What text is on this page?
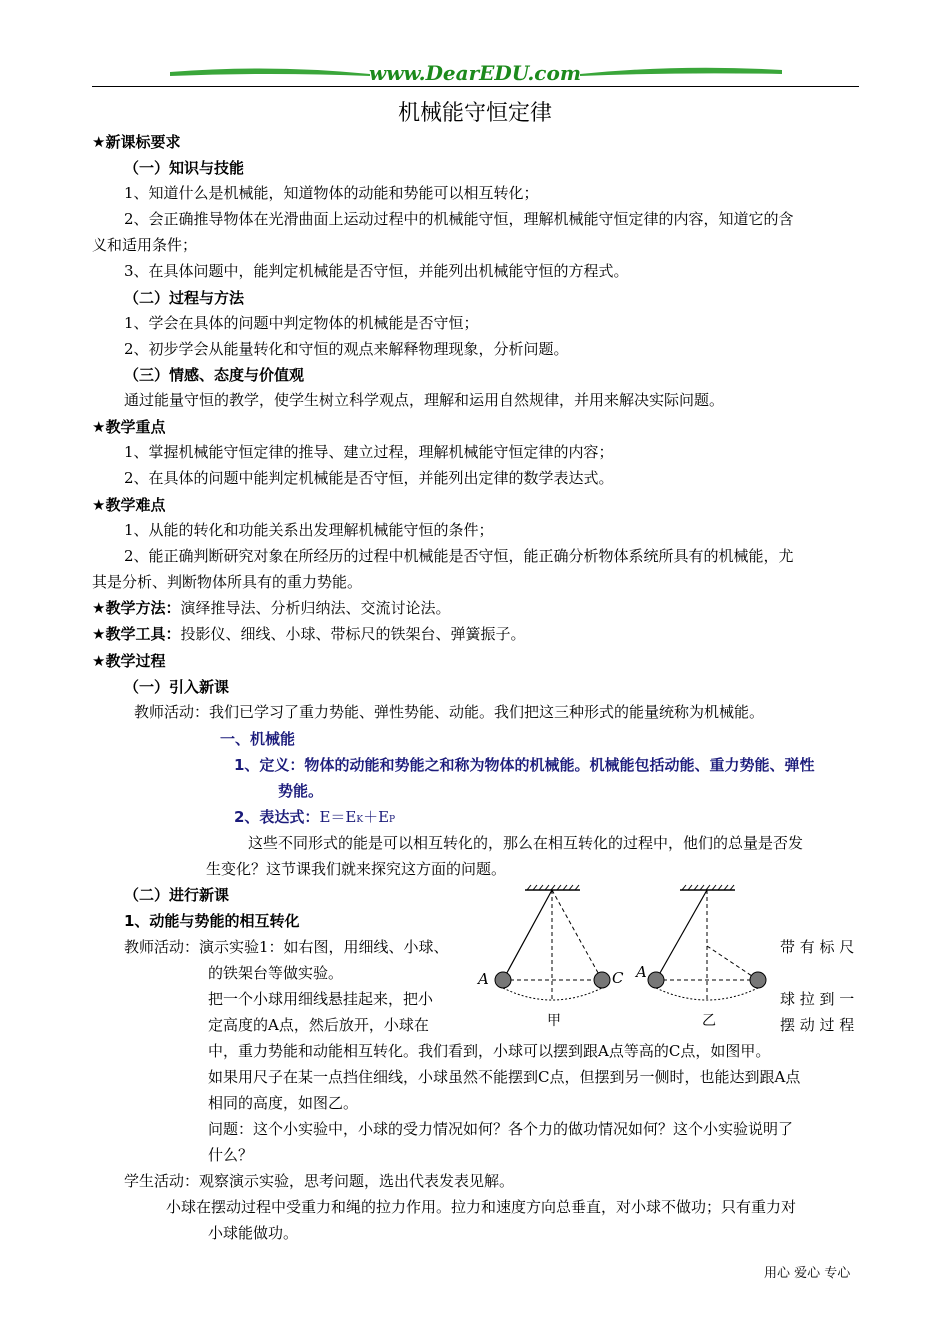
www.DearEDU.com
机械能守恒定律
★新课标要求
（一）知识与技能
1、知道什么是机械能，知道物体的动能和势能可以相互转化；
2、会正确推导物体在光滑曲面上运动过程中的机械能守恒，理解机械能守恒定律的内容，知道它的含
义和适用条件；
3、在具体问题中，能判定机械能是否守恒，并能列出机械能守恒的方程式。
（二）过程与方法
1、学会在具体的问题中判定物体的机械能是否守恒；
2、初步学会从能量转化和守恒的观点来解释物理现象，分析问题。
（三）情感、态度与价值观
通过能量守恒的教学，使学生树立科学观点，理解和运用自然规律，并用来解决实际问题。
★教学重点
1、掌握机械能守恒定律的推导、建立过程，理解机械能守恒定律的内容；
2、在具体的问题中能判定机械能是否守恒，并能列出定律的数学表达式。
★教学难点
1、从能的转化和功能关系出发理解机械能守恒的条件；
2、能正确判断研究对象在所经历的过程中机械能是否守恒，能正确分析物体系统所具有的机械能，尤
其是分析、判断物体所具有的重力势能。
★教学方法：演绎推导法、分析归纳法、交流讨论法。
★教学工具：投影仪、细线、小球、带标尺的铁架台、弹簧振子。
★教学过程
（一）引入新课
教师活动：我们已学习了重力势能、弹性势能、动能。我们把这三种形式的能量统称为机械能。
一、机械能
1、定义：物体的动能和势能之和称为物体的机械能。机械能包括动能、重力势能、弹性
势能。
2、表达式：E＝EK＋EP
这些不同形式的能是可以相互转化的，那么在相互转化的过程中，他们的总量是否发
生变化？这节课我们就来探究这方面的问题。
（二）进行新课
1、动能与势能的相互转化
教师活动：演示实验1：如右图，用细线、小球、	带 有 标 尺
的铁架台等做实验。
把一个小球用细线悬挂起来，把小	球 拉 到 一
定高度的A点，然后放开，小球在	摆 动 过 程
中，重力势能和动能相互转化。我们看到，小球可以摆到跟A点等高的C点，如图甲。
如果用尺子在某一点挡住细线，小球虽然不能摆到C点，但摆到另一侧时，也能达到跟A点
相同的高度，如图乙。
问题：这个小实验中，小球的受力情况如何？各个力的做功情况如何？这个小实验说明了
什么？
学生活动：观察演示实验，思考问题，选出代表发表见解。
小球在摆动过程中受重力和绳的拉力作用。拉力和速度方向总垂直，对小球不做功；只有重力对
小球能做功。
A	C
甲
A
乙
用心 爱心 专心
